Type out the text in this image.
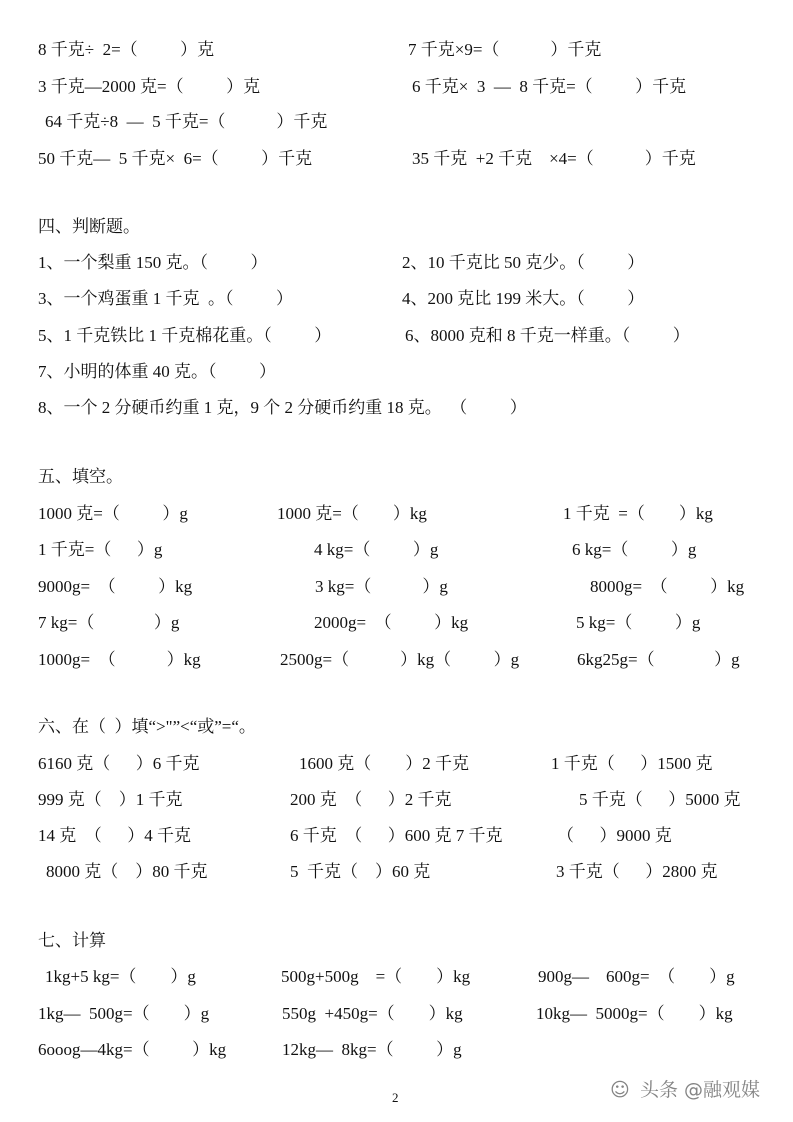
8 千克÷  2=（          ）克	7 千克×9=（            ）千克
3 千克—2000 克=（          ）克	6 千克×  3  —  8 千克=（          ）千克
64 千克÷8  —  5 千克=（            ）千克
50 千克—  5 千克×  6=（          ）千克	35 千克  +2 千克    ×4=（            ）千克
四、判断题。
1、一个梨重 150 克。（          ）	2、10 千克比 50 克少。（          ）
3、一个鸡蛋重 1 千克  。（          ）	4、200 克比 199 米大。（          ）
5、1 千克铁比 1 千克棉花重。（          ）	6、8000 克和 8 千克一样重。（          ）
7、小明的体重 40 克。（          ）
8、一个 2 分硬币约重 1 克，9 个 2 分硬币约重 18 克。  （          ）
五、填空。
1000 克=（          ）g	1000 克=（        ）kg	1 千克  =（        ）kg
1 千克=（      ）g	4 kg=（          ）g	6 kg=（          ）g
9000g=  （          ）kg	3 kg=（            ）g	8000g=  （          ）kg
7 kg=（              ）g	2000g=  （          ）kg	5 kg=（          ）g
1000g=  （            ）kg	2500g=（            ）kg（          ）g	6kg25g=（              ）g
六、在（  ）填“>"”<“或”=“。
6160 克（      ）6 千克	1600 克（        ）2 千克	1 千克（      ）1500 克
999 克（    ）1 千克	200 克  （      ）2 千克	5 千克（      ）5000 克
14 克  （      ）4 千克	6 千克  （      ）600 克 7 千克	（      ）9000 克
8000 克（    ）80 千克	5  千克（    ）60 克	3 千克（      ）2800 克
七、计算
1kg+5 kg=（        ）g	500g+500g    =（        ）kg	900g—    600g=  （        ）g
1kg—  500g=（        ）g	550g  +450g=（        ）kg	10kg—  5000g=（        ）kg
6ooog—4kg=（          ）kg	12kg—  8kg=（          ）g
2	☺ 头条 @融观媒
